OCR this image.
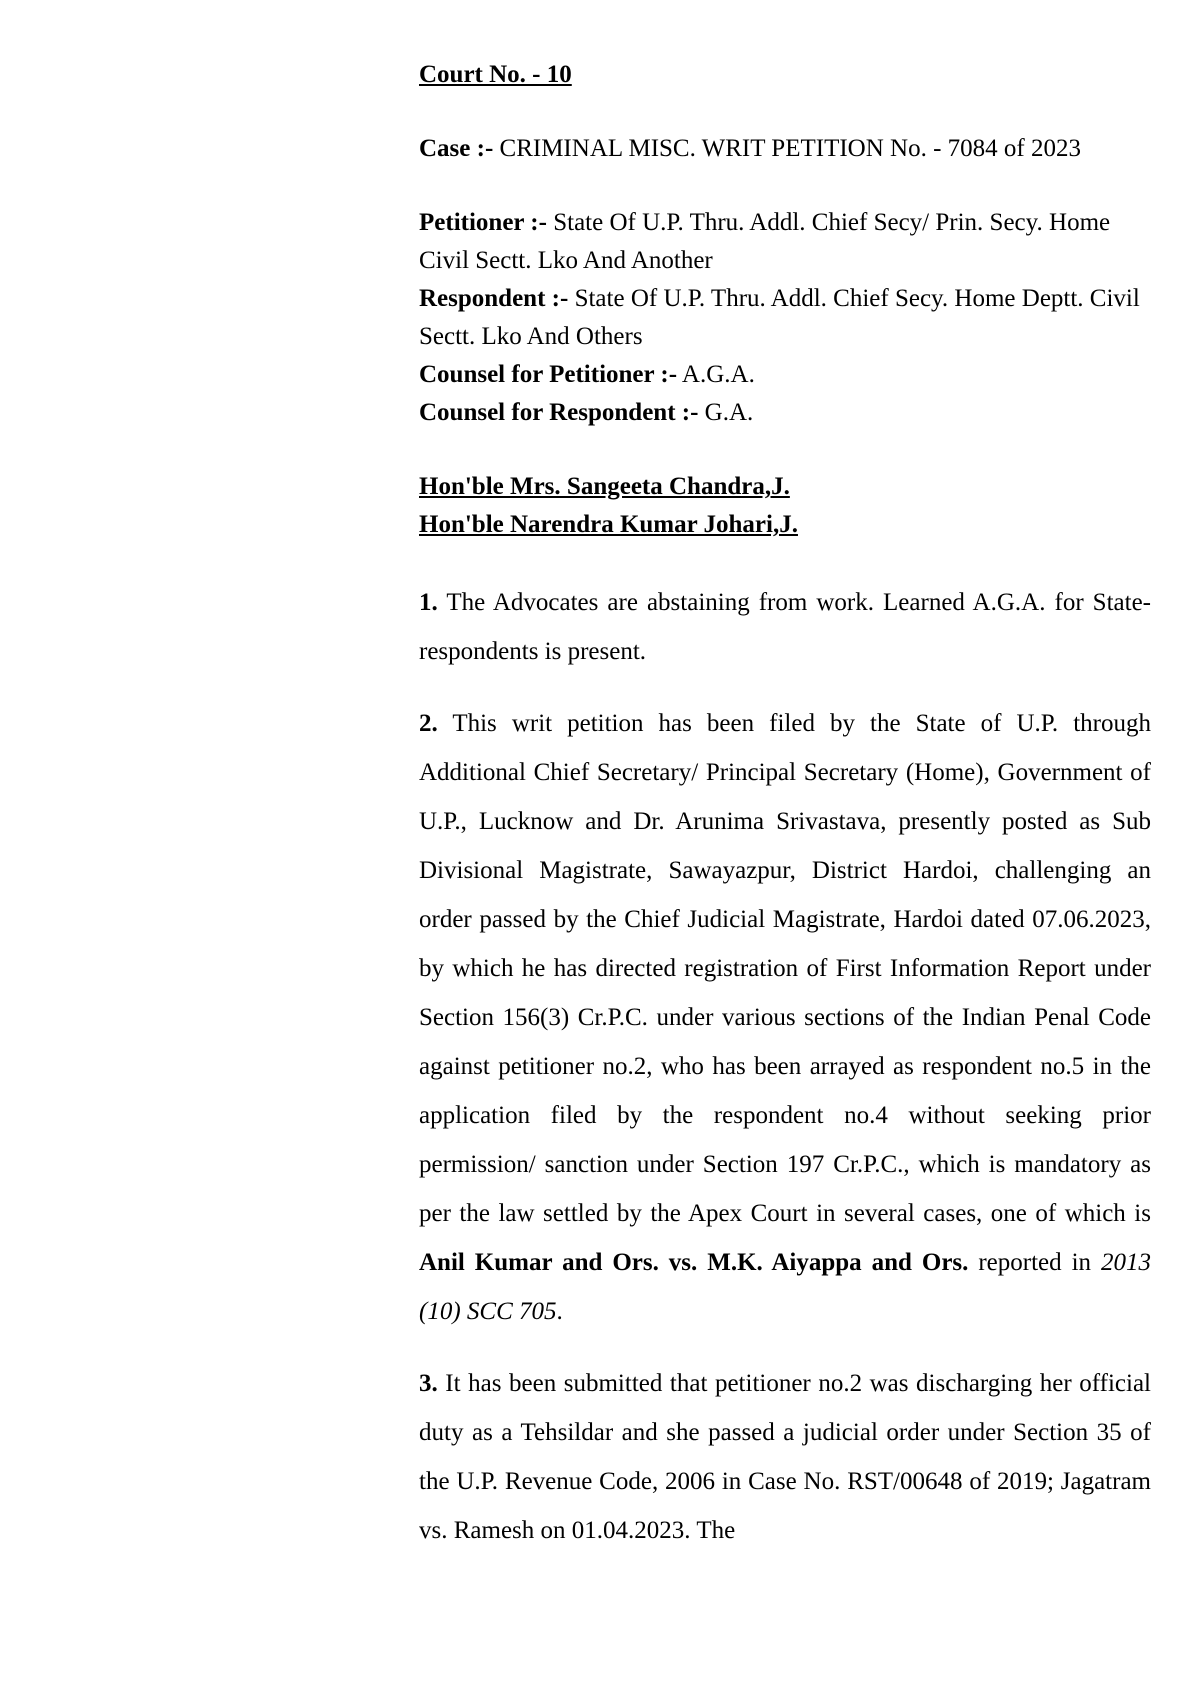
Court No. - 10

Case :- CRIMINAL MISC. WRIT PETITION No. - 7084 of 2023
Petitioner :- State Of U.P. Thru. Addl. Chief Secy/ Prin. Secy. Home Civil Sectt. Lko And Another
Respondent :- State Of U.P. Thru. Addl. Chief Secy. Home Deptt. Civil Sectt. Lko And Others
Counsel for Petitioner :- A.G.A.
Counsel for Respondent :- G.A.
Hon'ble Mrs. Sangeeta Chandra,J.
Hon'ble Narendra Kumar Johari,J.

1. The Advocates are abstaining from work. Learned A.G.A. for State-respondents is present.

2. This writ petition has been filed by the State of U.P. through Additional Chief Secretary/ Principal Secretary (Home), Government of U.P., Lucknow and Dr. Arunima Srivastava, presently posted as Sub Divisional Magistrate, Sawayazpur, District Hardoi, challenging an order passed by the Chief Judicial Magistrate, Hardoi dated 07.06.2023, by which he has directed registration of First Information Report under Section 156(3) Cr.P.C. under various sections of the Indian Penal Code against petitioner no.2, who has been arrayed as respondent no.5 in the application filed by the respondent no.4 without seeking prior permission/ sanction under Section 197 Cr.P.C., which is mandatory as per the law settled by the Apex Court in several cases, one of which is Anil Kumar and Ors. vs. M.K. Aiyappa and Ors. reported in 2013 (10) SCC 705.

3. It has been submitted that petitioner no.2 was discharging her official duty as a Tehsildar and she passed a judicial order under Section 35 of the U.P. Revenue Code, 2006 in Case No. RST/00648 of 2019; Jagatram vs. Ramesh on 01.04.2023. The
